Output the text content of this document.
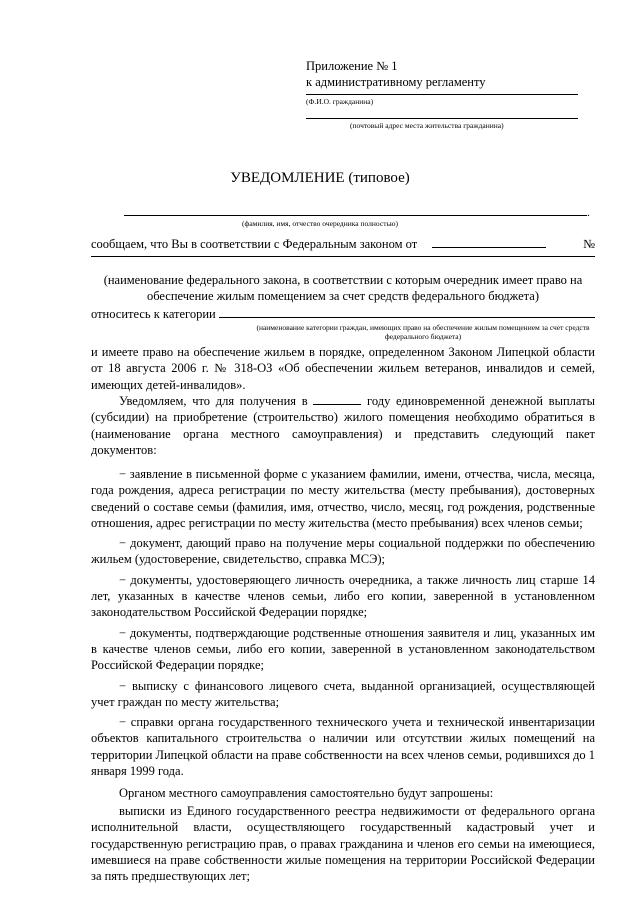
Приложение № 1
к административному регламенту
(Ф.И.О. гражданина)
(почтовый адрес места жительства гражданина)
УВЕДОМЛЕНИЕ (типовое)
.
(фамилия, имя, отчество очередника полностью)
сообщаем, что Вы в соответствии с Федеральным законом от	№
(наименование федерального закона, в соответствии с которым очередник имеет право на обеспечение жилым помещением за счет средств федерального бюджета)
относитесь к категории
(наименование категории граждан, имеющих право на обеспечение жилым помещением за счет средств федерального бюджета)
и имеете право на обеспечение жильем в порядке, определенном Законом Липецкой области от 18 августа 2006 г. № 318-ОЗ «Об обеспечении жильем ветеранов, инвалидов и семей, имеющих детей-инвалидов».
Уведомляем, что для получения в	году единовременной денежной выплаты (субсидии) на приобретение (строительство) жилого помещения необходимо обратиться в (наименование органа местного самоуправления) и представить следующий пакет документов:

− заявление в письменной форме с указанием фамилии, имени, отчества, числа, месяца, года рождения, адреса регистрации по месту жительства (месту пребывания), достоверных сведений о составе семьи (фамилия, имя, отчество, число, месяц, год рождения, родственные отношения, адрес регистрации по месту жительства (место пребывания) всех членов семьи;

− документ, дающий право на получение меры социальной поддержки по обеспечению жильем (удостоверение, свидетельство, справка МСЭ);

− документы, удостоверяющего личность очередника, а также личность лиц старше 14 лет, указанных в качестве членов семьи, либо его копии, заверенной в установленном законодательством Российской Федерации порядке;

− документы, подтверждающие родственные отношения заявителя и лиц, указанных им в качестве членов семьи, либо его копии, заверенной в установленном законодательством Российской Федерации порядке;

− выписку с финансового лицевого счета, выданной организацией, осуществляющей учет граждан по месту жительства;

− справки органа государственного технического учета и технической инвентаризации объектов капитального строительства о наличии или отсутствии жилых помещений на территории Липецкой области на праве собственности на всех членов семьи, родившихся до 1 января 1999 года.

Органом местного самоуправления самостоятельно будут запрошены:
выписки из Единого государственного реестра недвижимости от федерального органа исполнительной власти, осуществляющего государственный кадастровый учет и государственную регистрацию прав, о правах гражданина и членов его семьи на имеющиеся, имевшиеся на праве собственности жилые помещения на территории Российской Федерации за пять предшествующих лет;
